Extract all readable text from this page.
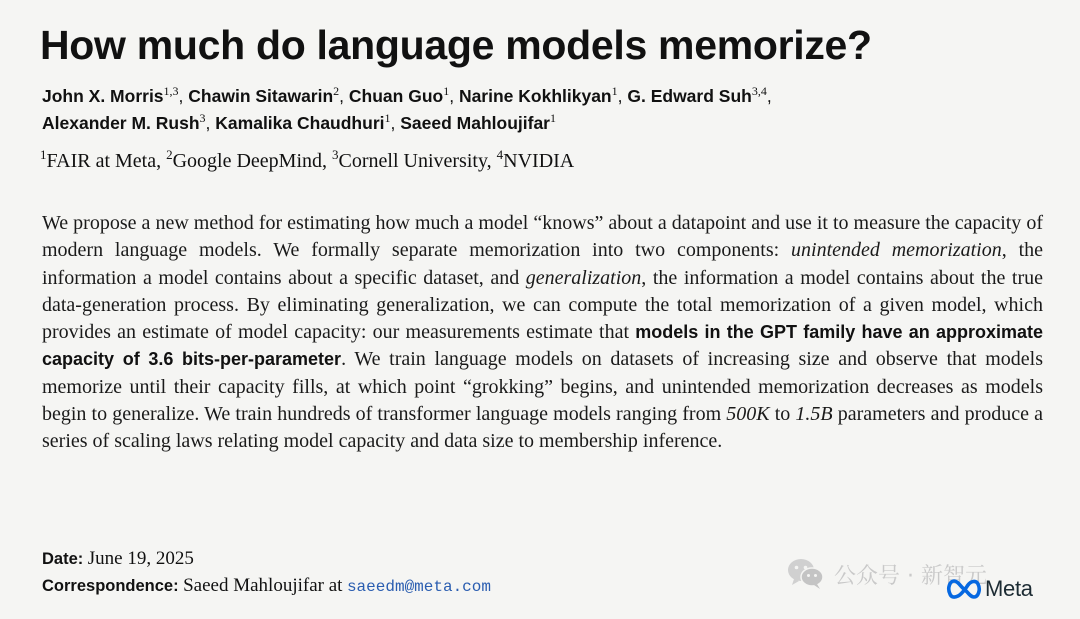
How much do language models memorize?
John X. Morris$^{1,3}$, Chawin Sitawarin$^2$, Chuan Guo$^1$, Narine Kokhlikyan$^1$, G. Edward Suh$^{3,4}$,
Alexander M. Rush$^3$, Kamalika Chaudhuri$^1$, Saeed Mahloujifar$^1$
$^1$FAIR at Meta, $^2$Google DeepMind, $^3$Cornell University, $^4$NVIDIA

We propose a new method for estimating how much a model “knows” about a datapoint and use it to measure the capacity of modern language models. We formally separate memorization into two components: unintended memorization, the information a model contains about a specific dataset, and generalization, the information a model contains about the true data-generation process. By eliminating generalization, we can compute the total memorization of a given model, which provides an estimate of model capacity: our measurements estimate that models in the GPT family have an approximate capacity of 3.6 bits-per-parameter. We train language models on datasets of increasing size and observe that models memorize until their capacity fills, at which point “grokking” begins, and unintended memorization decreases as models begin to generalize. We train hundreds of transformer language models ranging from 500K to 1.5B parameters and produce a series of scaling laws relating model capacity and data size to membership inference.

Date: June 19, 2025
Correspondence: Saeed Mahloujifar at saeedm@meta.com	公众号 · 新智元
Meta
